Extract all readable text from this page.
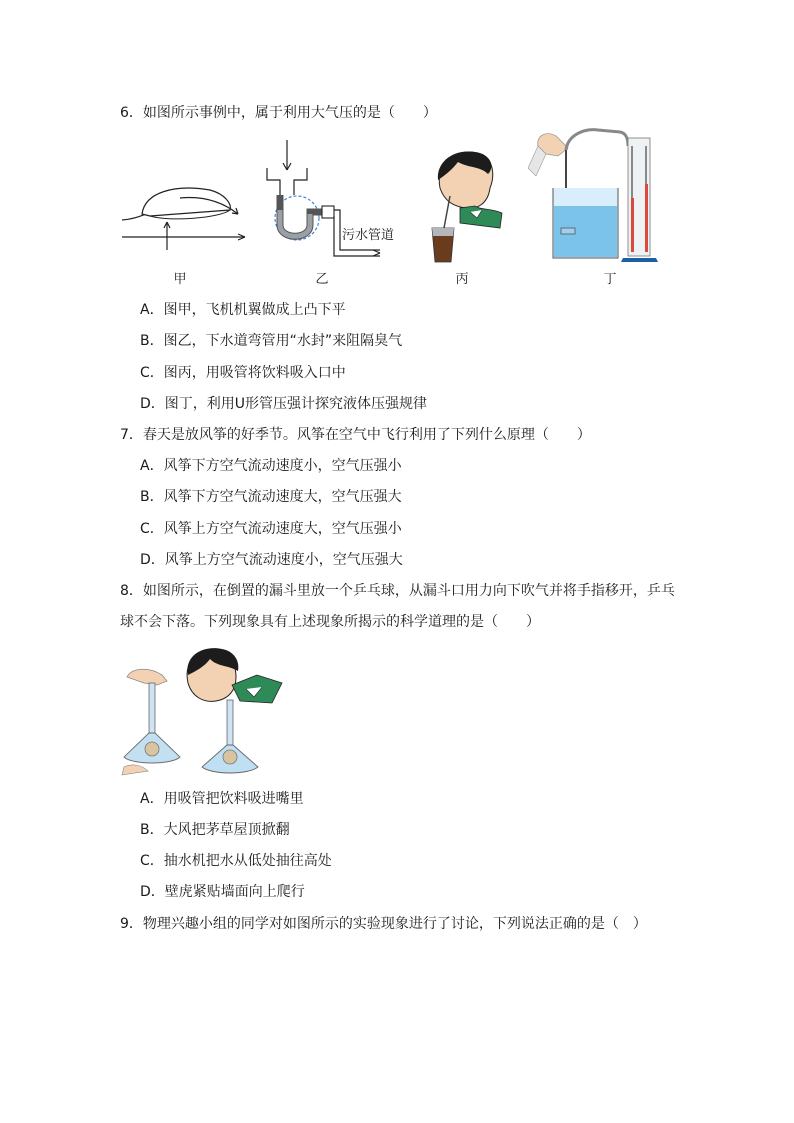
6．如图所示事例中，属于利用大气压的是（　　）
甲
污水管道
乙	丙	丁
A．图甲，飞机机翼做成上凸下平
B．图乙，下水道弯管用“水封”来阻隔臭气
C．图丙，用吸管将饮料吸入口中
D．图丁，利用U形管压强计探究液体压强规律
7．春天是放风筝的好季节。风筝在空气中飞行利用了下列什么原理（　　）
A．风筝下方空气流动速度小，空气压强小
B．风筝下方空气流动速度大，空气压强大
C．风筝上方空气流动速度大，空气压强小
D．风筝上方空气流动速度小，空气压强大
8．如图所示，在倒置的漏斗里放一个乒乓球，从漏斗口用力向下吹气并将手指移开，乒乓
球不会下落。下列现象具有上述现象所揭示的科学道理的是（　　）
A．用吸管把饮料吸进嘴里
B．大风把茅草屋顶掀翻
C．抽水机把水从低处抽往高处
D．壁虎紧贴墙面向上爬行
9．物理兴趣小组的同学对如图所示的实验现象进行了讨论，下列说法正确的是（　）
